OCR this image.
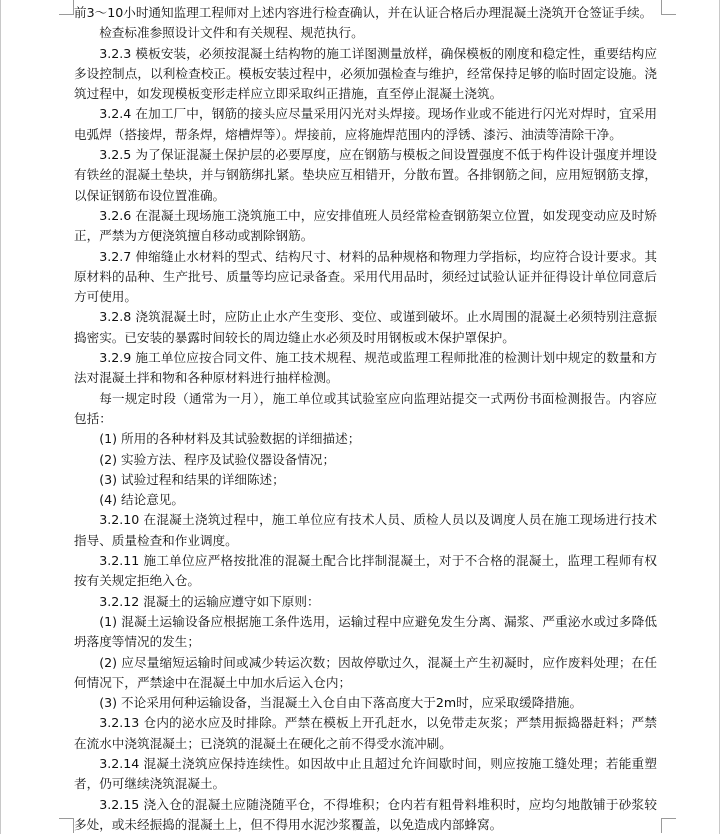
前3～10小时通知监理工程师对上述内容进行检查确认，并在认证合格后办理混凝土浇筑开仓签证手续。

检查标准参照设计文件和有关规程、规范执行。

3.2.3 模板安装，必须按混凝土结构物的施工详图测量放样，确保模板的刚度和稳定性，重要结构应多设控制点，以利检查校正。模板安装过程中，必须加强检查与维护，经常保持足够的临时固定设施。浇筑过程中，如发现模板变形走样应立即采取纠正措施，直至停止混凝土浇筑。

3.2.4 在加工厂中，钢筋的接头应尽量采用闪光对头焊接。现场作业或不能进行闪光对焊时，宜采用电弧焊（搭接焊，帮条焊，熔槽焊等）。焊接前，应将施焊范围内的浮锈、漆污、油渍等清除干净。

3.2.5 为了保证混凝土保护层的必要厚度，应在钢筋与模板之间设置强度不低于构件设计强度并埋设有铁丝的混凝土垫块，并与钢筋绑扎紧。垫块应互相错开，分散布置。各排钢筋之间，应用短钢筋支撑，以保证钢筋布设位置准确。

3.2.6 在混凝土现场施工浇筑施工中，应安排值班人员经常检查钢筋架立位置，如发现变动应及时矫正，严禁为方便浇筑擅自移动或割除钢筋。

3.2.7 伸缩缝止水材料的型式、结构尺寸、材料的品种规格和物理力学指标，均应符合设计要求。其原材料的品种、生产批号、质量等均应记录备查。采用代用品时，须经过试验认证并征得设计单位同意后方可使用。

3.2.8 浇筑混凝土时，应防止止水产生变形、变位、或谨到破坏。止水周围的混凝土必须特别注意振捣密实。已安装的暴露时间较长的周边缝止水必须及时用钢板或木保护罩保护。

3.2.9 施工单位应按合同文件、施工技术规程、规范或监理工程师批准的检测计划中规定的数量和方法对混凝土拌和物和各种原材料进行抽样检测。

每一规定时段（通常为一月），施工单位或其试验室应向监理站提交一式两份书面检测报告。内容应包括：

(1) 所用的各种材料及其试验数据的详细描述；

(2) 实验方法、程序及试验仪器设备情况；

(3) 试验过程和结果的详细陈述；

(4) 结论意见。

3.2.10 在混凝土浇筑过程中，施工单位应有技术人员、质检人员以及调度人员在施工现场进行技术指导、质量检查和作业调度。

3.2.11 施工单位应严格按批准的混凝土配合比拌制混凝土，对于不合格的混凝土，监理工程师有权按有关规定拒绝入仓。

3.2.12 混凝土的运输应遵守如下原则：

(1) 混凝土运输设备应根据施工条件选用，运输过程中应避免发生分离、漏浆、严重泌水或过多降低坍落度等情况的发生；

(2) 应尽量缩短运输时间或减少转运次数；因故停歇过久，混凝土产生初凝时，应作废料处理；在任何情况下，严禁途中在混凝土中加水后运入仓内；

(3) 不论采用何种运输设备，当混凝土入仓自由下落高度大于2m时，应采取缓降措施。

3.2.13 仓内的泌水应及时排除。严禁在模板上开孔赶水，以免带走灰浆；严禁用振捣器赶料；严禁在流水中浇筑混凝土；已浇筑的混凝土在硬化之前不得受水流冲刷。

3.2.14 混凝土浇筑应保持连续性。如因故中止且超过允许间歇时间，则应按施工缝处理；若能重塑者，仍可继续浇筑混凝土。

3.2.15 浇入仓的混凝土应随浇随平仓，不得堆积；仓内若有粗骨料堆积时，应均匀地散铺于砂浆较多处，或未经振捣的混凝土上，但不得用水泥沙浆覆盖，以免造成内部蜂窝。
